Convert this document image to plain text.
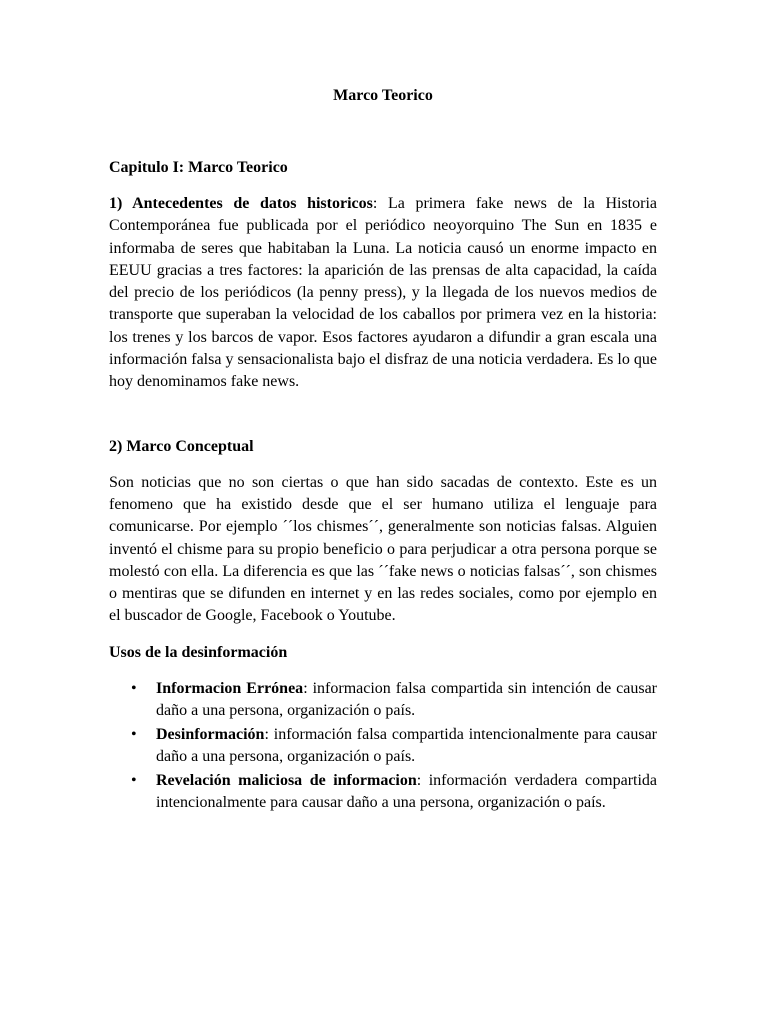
Marco Teorico

Capitulo I: Marco Teorico

1) Antecedentes de datos historicos: La primera fake news de la Historia Contemporánea fue publicada por el periódico neoyorquino The Sun en 1835 e informaba de seres que habitaban la Luna. La noticia causó un enorme impacto en EEUU gracias a tres factores: la aparición de las prensas de alta capacidad, la caída del precio de los periódicos (la penny press), y la llegada de los nuevos medios de transporte que superaban la velocidad de los caballos por primera vez en la historia: los trenes y los barcos de vapor. Esos factores ayudaron a difundir a gran escala una información falsa y sensacionalista bajo el disfraz de una noticia verdadera. Es lo que hoy denominamos fake news.

2) Marco Conceptual

Son noticias que no son ciertas o que han sido sacadas de contexto. Este es un fenomeno que ha existido desde que el ser humano utiliza el lenguaje para comunicarse. Por ejemplo ´´los chismes´´, generalmente son noticias falsas. Alguien inventó el chisme para su propio beneficio o para perjudicar a otra persona porque se molestó con ella. La diferencia es que las ´´fake news o noticias falsas´´, son chismes o mentiras que se difunden en internet y en las redes sociales, como por ejemplo en el buscador de Google, Facebook o Youtube.

Usos de la desinformación

• Informacion Errónea: informacion falsa compartida sin intención de causar daño a una persona, organización o país.
• Desinformación: información falsa compartida intencionalmente para causar daño a una persona, organización o país.
• Revelación maliciosa de informacion: información verdadera compartida intencionalmente para causar daño a una persona, organización o país.
